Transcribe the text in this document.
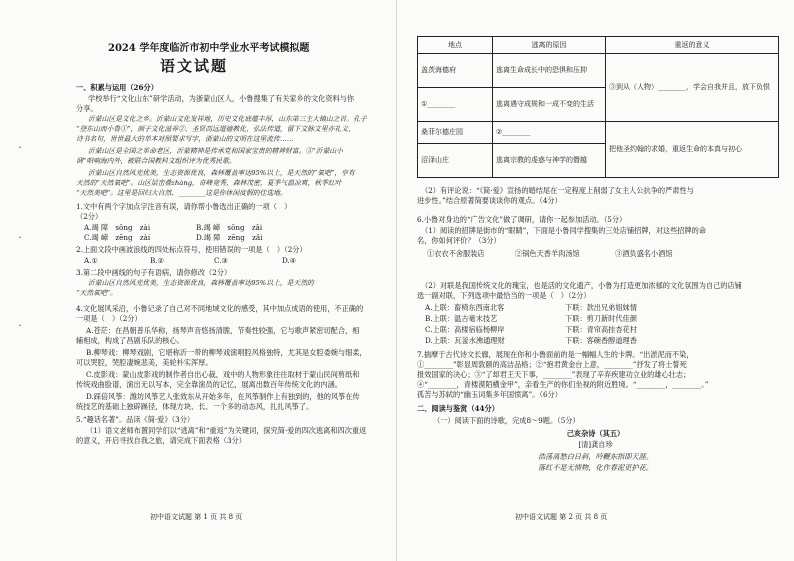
2024 学年度临沂市初中学业水平考试模拟题
语文试题
一、积累与运用（26分）
学校举行“文化山东”研学活动，为浙蒙山区人，小鲁搜集了有关家乡的文化资料与你
分享。
沂蒙山区是文化之乡。沂蒙山文化发祥地，历史文化底蕴丰厚，山东第三主大镇山之首。孔子
“登东山而小鲁①”，颜子文化滋养②、圣贤高远道德教化，弘法传道，留下文脉文里亦礼义、
诗书名句，世世最大的单本对照要求写字，浙蒙山的文明在这里流传……
沂蒙山区是全国之革命老区，沂蒙精神是传承党和国家宝贵的精神财富。③“沂蒙山小
调”唱响海内外，被联合国教科文组织评为优秀民歌。
沂蒙山区自然风光优美，生态资源优良，森林覆盖率达95%以上，是天然的“氧吧”，享有
天然的“天然氧吧”。山区层峦叠zhàng，奇峰竞秀，森林茂密，夏季气温凉爽，秋季红叶
“天然美吧”。这里是回归大自然、________这是你休闲度假的佳选地。
1.文中有两个字加点字注音有误，请你帮小鲁选出正确的一项（　）
（2分）
A.竭 障　sōng　zài	B.竭 嶂　sōng　zǎi
C.竭 嶂　zēng　zài	D.竭 障　zēng　zǎi
2.上面文段中画波浪线的四处标点符号，使用错误的一项是（　）（2分）
A.①	B.②	C.③	D.④
3.第二段中画线的句子有语病，请你修改（2分）
沂蒙山区自然风光优美，生态资源优良，森林覆盖率达95%以上，是天然的
“天然氧吧”。
4.文化展风采沿，小鲁记录了自己对不同地域文化的感受，其中加点成语的使用，不正确的
一项是（　）（2分）
A.苍茫：在昌朝普乐华称，扬琴声音悠扬清脆，节奏性较强，它与歌声紧密切配合，相
辅相成，构成了昌剧乐队的核心。
B.柳琴戏：柳琴戏剧，它堪称沂一带的柳琴戏演唱腔风格独特，尤其是女腔委婉与细柔，
可以哭腔，哭腔凄婉悲美，美轮朴实浑厚。
C.皮影戏：蒙山皮影戏的制作者自出心裁，戏中的人物形象往往取材于蒙山民间剪纸和
传统戏曲脸谱，演出无以写本，完全靠演员的记忆，展离出数百年传统文化的内涵。
D.踩倍风筝：潍坊风筝艺人张效东从开始多年，在风筝制作上有独到的，他的风筝在传
统技艺的基础上独辟蹊径，体现方块、长、一个多的动态风，扎扎风筝了。
5.“趣话名著”。品读《简·爱》（3分）
（1）语文老师布置同学们以“逃离”和“重返”为关键词，探究简·爱的四次逃离和四次重返
的意义，开启寻找自我之旅，请完成下面表格（3分）
初中语文试题 第 1 页 共 8 页
ˇ
ˇ
ˇ
地点	逃离的原因	重返的意义
盖茨海德府	逃离生命成长中的恐惧和压抑	③到从（人物）________，学会自我并且，放下负恨
①________	逃离遇守成规和一成不变的生活	
桑菲尔德庄园	②________	把他圣约翰的求婚，重返生命的本真与初心
沼泽山庄	逃离宗教的虔惑与神学的僭越	
（2）有评论说：“《简·爱》宣扬的婚结尾在一定程度上削弱了女主人公抗争的严肃性与
进步性。”结合原著简要谈谈你的观点。（4分）
6.小鲁对身边的“广告文化”做了调研，请你一起参加活动。（5分）
（1）阅读的招牌是街市的“眼睛”，下面是小鲁同学搜集的三处店铺招牌，对这些招牌的命
名，你如何评价？（3分）
①衣衣不舍服装店	②锅色天香羊肉汤馆	③酒负盛名小酒馆
（2）对联是我国传统文化的瑰宝，也是活的文化遗产，小鲁为打造更加浓郁的文化氛围为自己的店铺
选一副对联，下列选项中最恰当的一项是（　）（2分）
A.上联：畜椅东西南北客	下联：款出兄弟姐妹情
B.上联：温古毫末技艺	下联：剪刀新时代佳颜
C.上联：高楼宿临杨柳岸	下联：青帘高挂杏花村
D.上联：瓦釜水沸通理财	下联：客碗香醇道理香
7.揣摩于古代诗文长廊，展现在你和小鲁面前的是一幅幅人生的卡牌。“出淤泥而不染，
①________”彰显周敦颐的高洁品格；②“抱君黄金台上意，________”抒发了将士誓死
报效国家的决心；③“了却君王天下事，________”表现了辛弃疾建功立业的雄心壮志；
④“________，青楼漠陌横金甲”，亲看生产的你们坐视的附近胜境。“________，________。”
孤苦与苏轼的“幽玉词集多年国愤离”。（6分）
二、阅读与鉴赏（44分）
（一）阅读下面的诗歌，完成8～9题。（5分）
己亥杂诗（其五）
[清]龚自珍
浩荡离愁白日斜，吟鞭东指即天涯。
落红不是无情物，化作春泥更护花。
初中语文试题 第 2 页 共 8 页
